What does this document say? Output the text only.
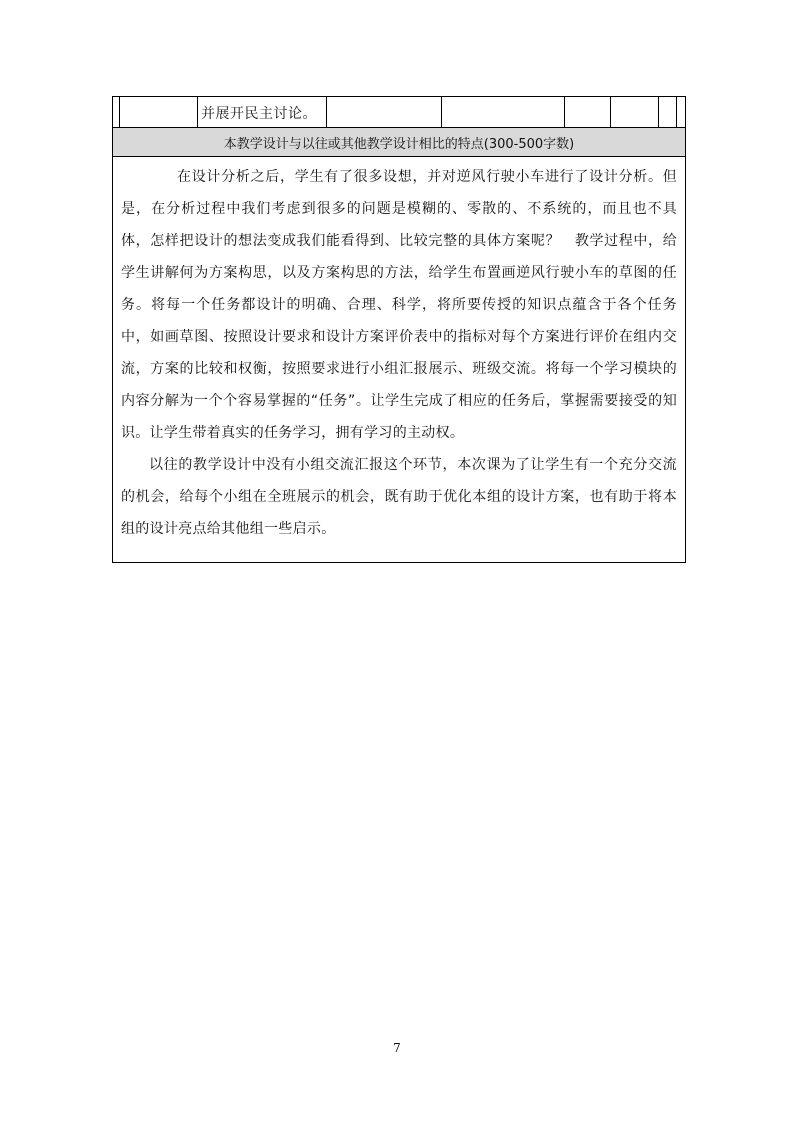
并展开民主讨论。
本教学设计与以往或其他教学设计相比的特点(300-500字数)

在设计分析之后，学生有了很多设想，并对逆风行驶小车进行了设计分析。但是，在分析过程中我们考虑到很多的问题是模糊的、零散的、不系统的，而且也不具体，怎样把设计的想法变成我们能看得到、比较完整的具体方案呢？　教学过程中，给学生讲解何为方案构思，以及方案构思的方法，给学生布置画逆风行驶小车的草图的任务。将每一个任务都设计的明确、合理、科学，将所要传授的知识点蕴含于各个任务中，如画草图、按照设计要求和设计方案评价表中的指标对每个方案进行评价在组内交流，方案的比较和权衡，按照要求进行小组汇报展示、班级交流。将每一个学习模块的内容分解为一个个容易掌握的“任务”。让学生完成了相应的任务后，掌握需要接受的知识。让学生带着真实的任务学习，拥有学习的主动权。

以往的教学设计中没有小组交流汇报这个环节，本次课为了让学生有一个充分交流的机会，给每个小组在全班展示的机会，既有助于优化本组的设计方案，也有助于将本组的设计亮点给其他组一些启示。

7
